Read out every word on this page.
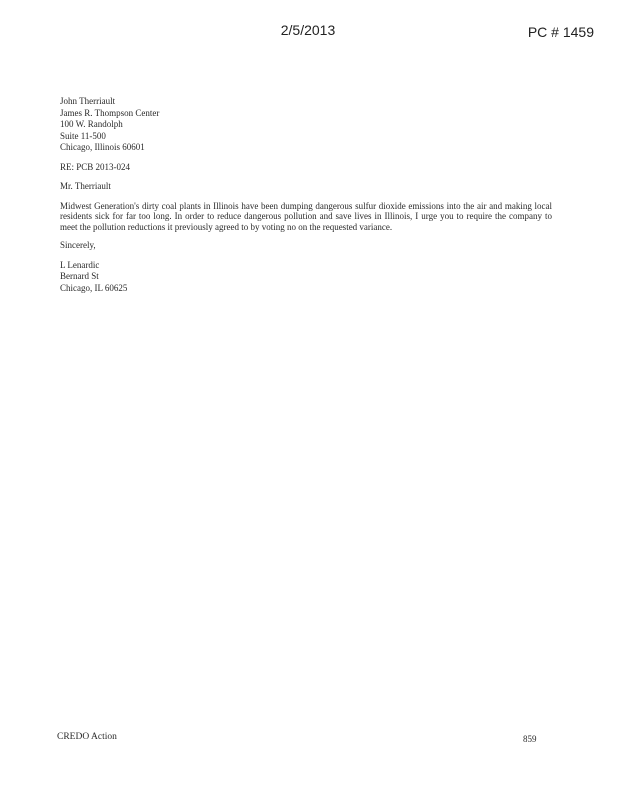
2/5/2013	PC # 1459
John Therriault
James R. Thompson Center
100 W. Randolph
Suite 11-500
Chicago, Illinois 60601
RE: PCB 2013-024
Mr. Therriault
Midwest Generation's dirty coal plants in Illinois have been dumping dangerous sulfur dioxide emissions into the air and making local residents sick for far too long. In order to reduce dangerous pollution and save lives in Illinois, I urge you to require the company to meet the pollution reductions it previously agreed to by voting no on the requested variance.
Sincerely,
L Lenardic
Bernard St
Chicago, IL 60625
CREDO Action	859
